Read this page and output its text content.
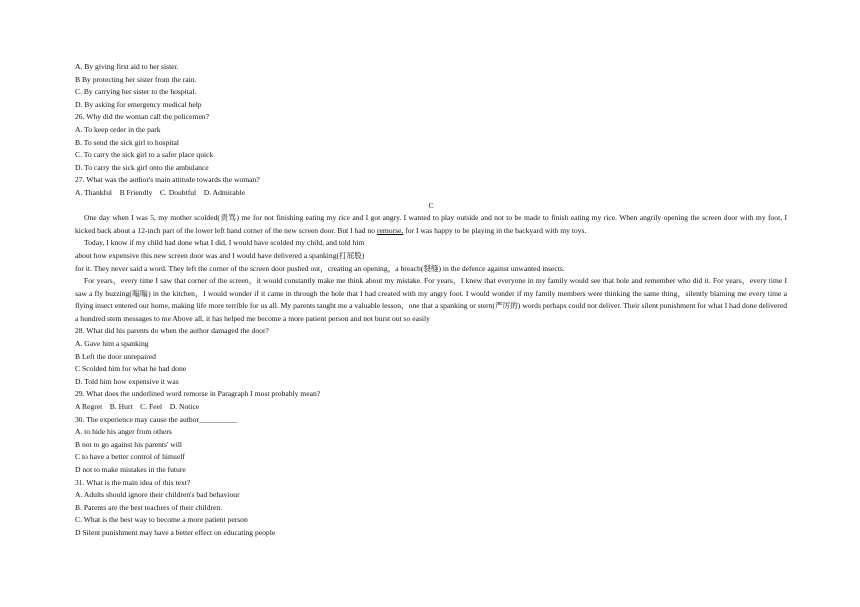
A. By giving first aid to her sister.
B By protecting her sister from the rain.
C. By carrying her sister to the hospital.
D. By asking for emergency medical help
26. Why did the woman call the policemen?
A. To keep order in the park
B. To send the sick girl to hospital
C. To carry the sick girl to a safer place quick
D. To carry the sick girl onto the ambulance
27. What was the author's main attitude towards the woman?
A. Thankful    B Friendly    C. Doubtful    D. Admirable
C
One day when I was 5, my mother scolded(责骂) me for not finishing eating my rice and I got angry. I wanted to play outside and not to be made to finish eating my rice. When angrily opening the screen door with my foot, I kicked back about a 12-inch part of the lower left hand corner of the new screen door. But I had no remorse, for I was happy to be playing in the backyard with my toys.
Today, I know if my child had done what I did, I would have scolded my child, and told him
about how expensive this new screen door was and I would have delivered a spanking(打屁股)
for it. They never said a word. They left the corner of the screen door pushed out，creating an opening，a breach(裂缝) in the defence against unwanted insects.
For years，every time I saw that corner of the screen，it would constantly make me think about my mistake. For years，I knew that everyone in my family would see that hole and remember who did it. For years，every time I saw a fly buzzing(嗡嗡) in the kitchen，I would wonder if it came in through the hole that I had created with my angry foot. I would wonder if my family members were thinking the same thing，silently blaming me every time a flying insect entered our home, making life more terrible for us all. My parents taught me a valuable lesson，one that a spanking or stern(严厉的) words perhaps could not deliver. Their silent punishment for what I had done delivered a hundred stem messages to me Above all, it has helped me become a more patient person and not burst out so easily
28. What did his parents do when the author damaged the door?
A. Gave him a spanking
B Left the door unrepaired
C Scolded him for what he had done
D. Told him how expensive it was
29. What does the underlined word remorse in Paragraph I most probably mean?
A Regret    B. Hurt    C. Feel    D. Notice
30. The experience may cause the author__________
A. to hide his anger from others
B not to go against his parents' will
C to have a better control of himself
D not to make mistakes in the future
31. What is the main idea of this text?
A. Adults should ignore their children's bad behaviour
B. Parents are the best teachers of their children.
C. What is the best way to become a more patient person
D Silent punishment may have a better effect on educating people
